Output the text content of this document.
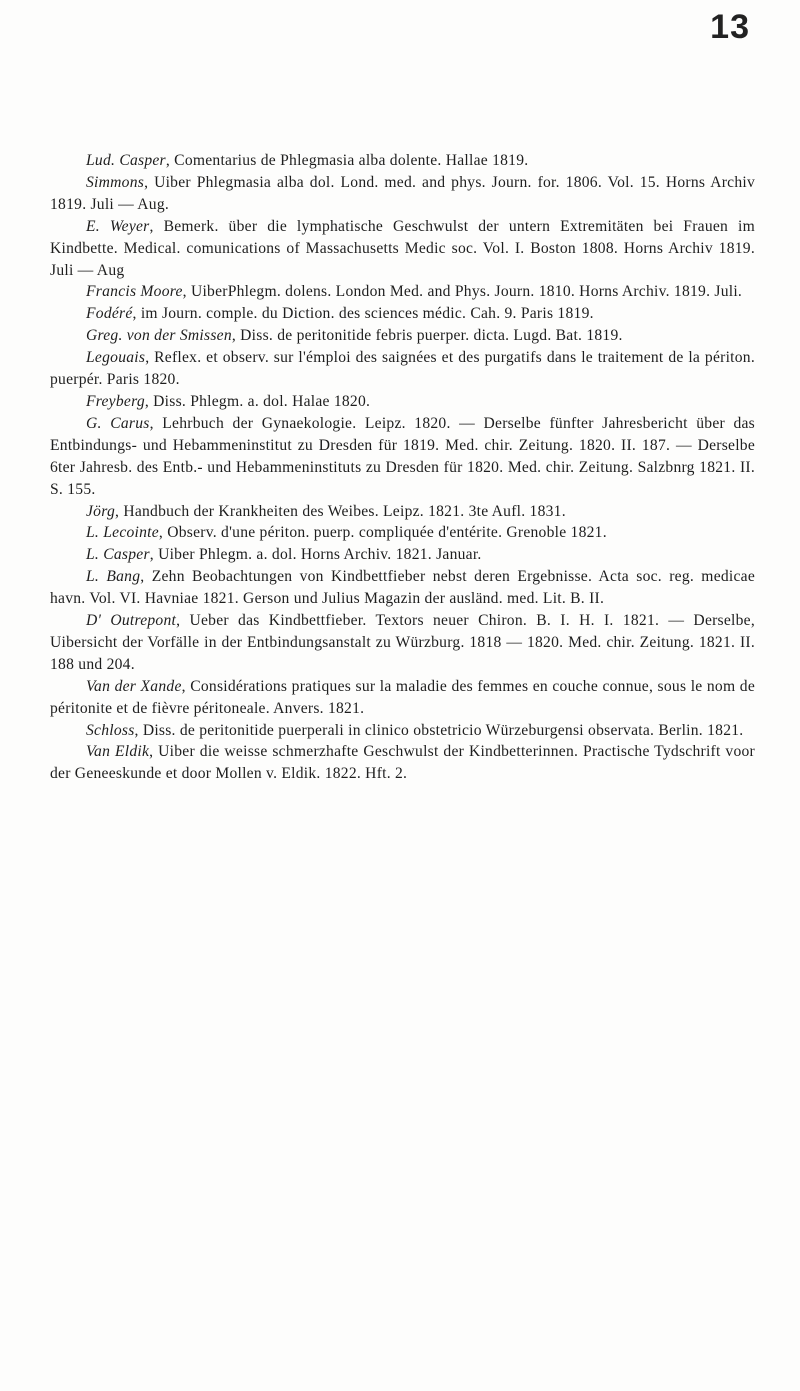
13

Lud. Casper, Comentarius de Phlegmasia alba dolente. Hallae 1819.

Simmons, Uiber Phlegmasia alba dol. Lond. med. and phys. Journ. for. 1806. Vol. 15. Horns Archiv 1819. Juli — Aug.

E. Weyer, Bemerk. über die lymphatische Geschwulst der untern Extremitäten bei Frauen im Kindbette. Medical. comunications of Massachusetts Medic soc. Vol. I. Boston 1808. Horns Archiv 1819. Juli — Aug

Francis Moore, UiberPhlegm. dolens. London Med. and Phys. Journ. 1810. Horns Archiv. 1819. Juli.

Fodéré, im Journ. comple. du Diction. des sciences médic. Cah. 9. Paris 1819.

Greg. von der Smissen, Diss. de peritonitide febris puerper. dicta. Lugd. Bat. 1819.

Legouais, Reflex. et observ. sur l'émploi des saignées et des purgatifs dans le traitement de la périton. puerpér. Paris 1820.

Freyberg, Diss. Phlegm. a. dol. Halae 1820.

G. Carus, Lehrbuch der Gynaekologie. Leipz. 1820. — Derselbe fünfter Jahresbericht über das Entbindungs- und Hebammeninstitut zu Dresden für 1819. Med. chir. Zeitung. 1820. II. 187. — Derselbe 6ter Jahresb. des Entb.- und Hebammeninstituts zu Dresden für 1820. Med. chir. Zeitung. Salzbnrg 1821. II. S. 155.

Jörg, Handbuch der Krankheiten des Weibes. Leipz. 1821. 3te Aufl. 1831.

L. Lecointe, Observ. d'une périton. puerp. compliquée d'entérite. Grenoble 1821.

L. Casper, Uiber Phlegm. a. dol. Horns Archiv. 1821. Januar.

L. Bang, Zehn Beobachtungen von Kindbettfieber nebst deren Ergebnisse. Acta soc. reg. medicae havn. Vol. VI. Havniae 1821. Gerson und Julius Magazin der ausländ. med. Lit. B. II.

D' Outrepont, Ueber das Kindbettfieber. Textors neuer Chiron. B. I. H. I. 1821. — Derselbe, Uibersicht der Vorfälle in der Entbindungsanstalt zu Würzburg. 1818 — 1820. Med. chir. Zeitung. 1821. II. 188 und 204.

Van der Xande, Considérations pratiques sur la maladie des femmes en couche connue, sous le nom de péritonite et de fièvre péritoneale. Anvers. 1821.

Schloss, Diss. de peritonitide puerperali in clinico obstetricio Würzeburgensi observata. Berlin. 1821.

Van Eldik, Uiber die weisse schmerzhafte Geschwulst der Kindbetterinnen. Practische Tydschrift voor der Geneeskunde et door Mollen v. Eldik. 1822. Hft. 2.
